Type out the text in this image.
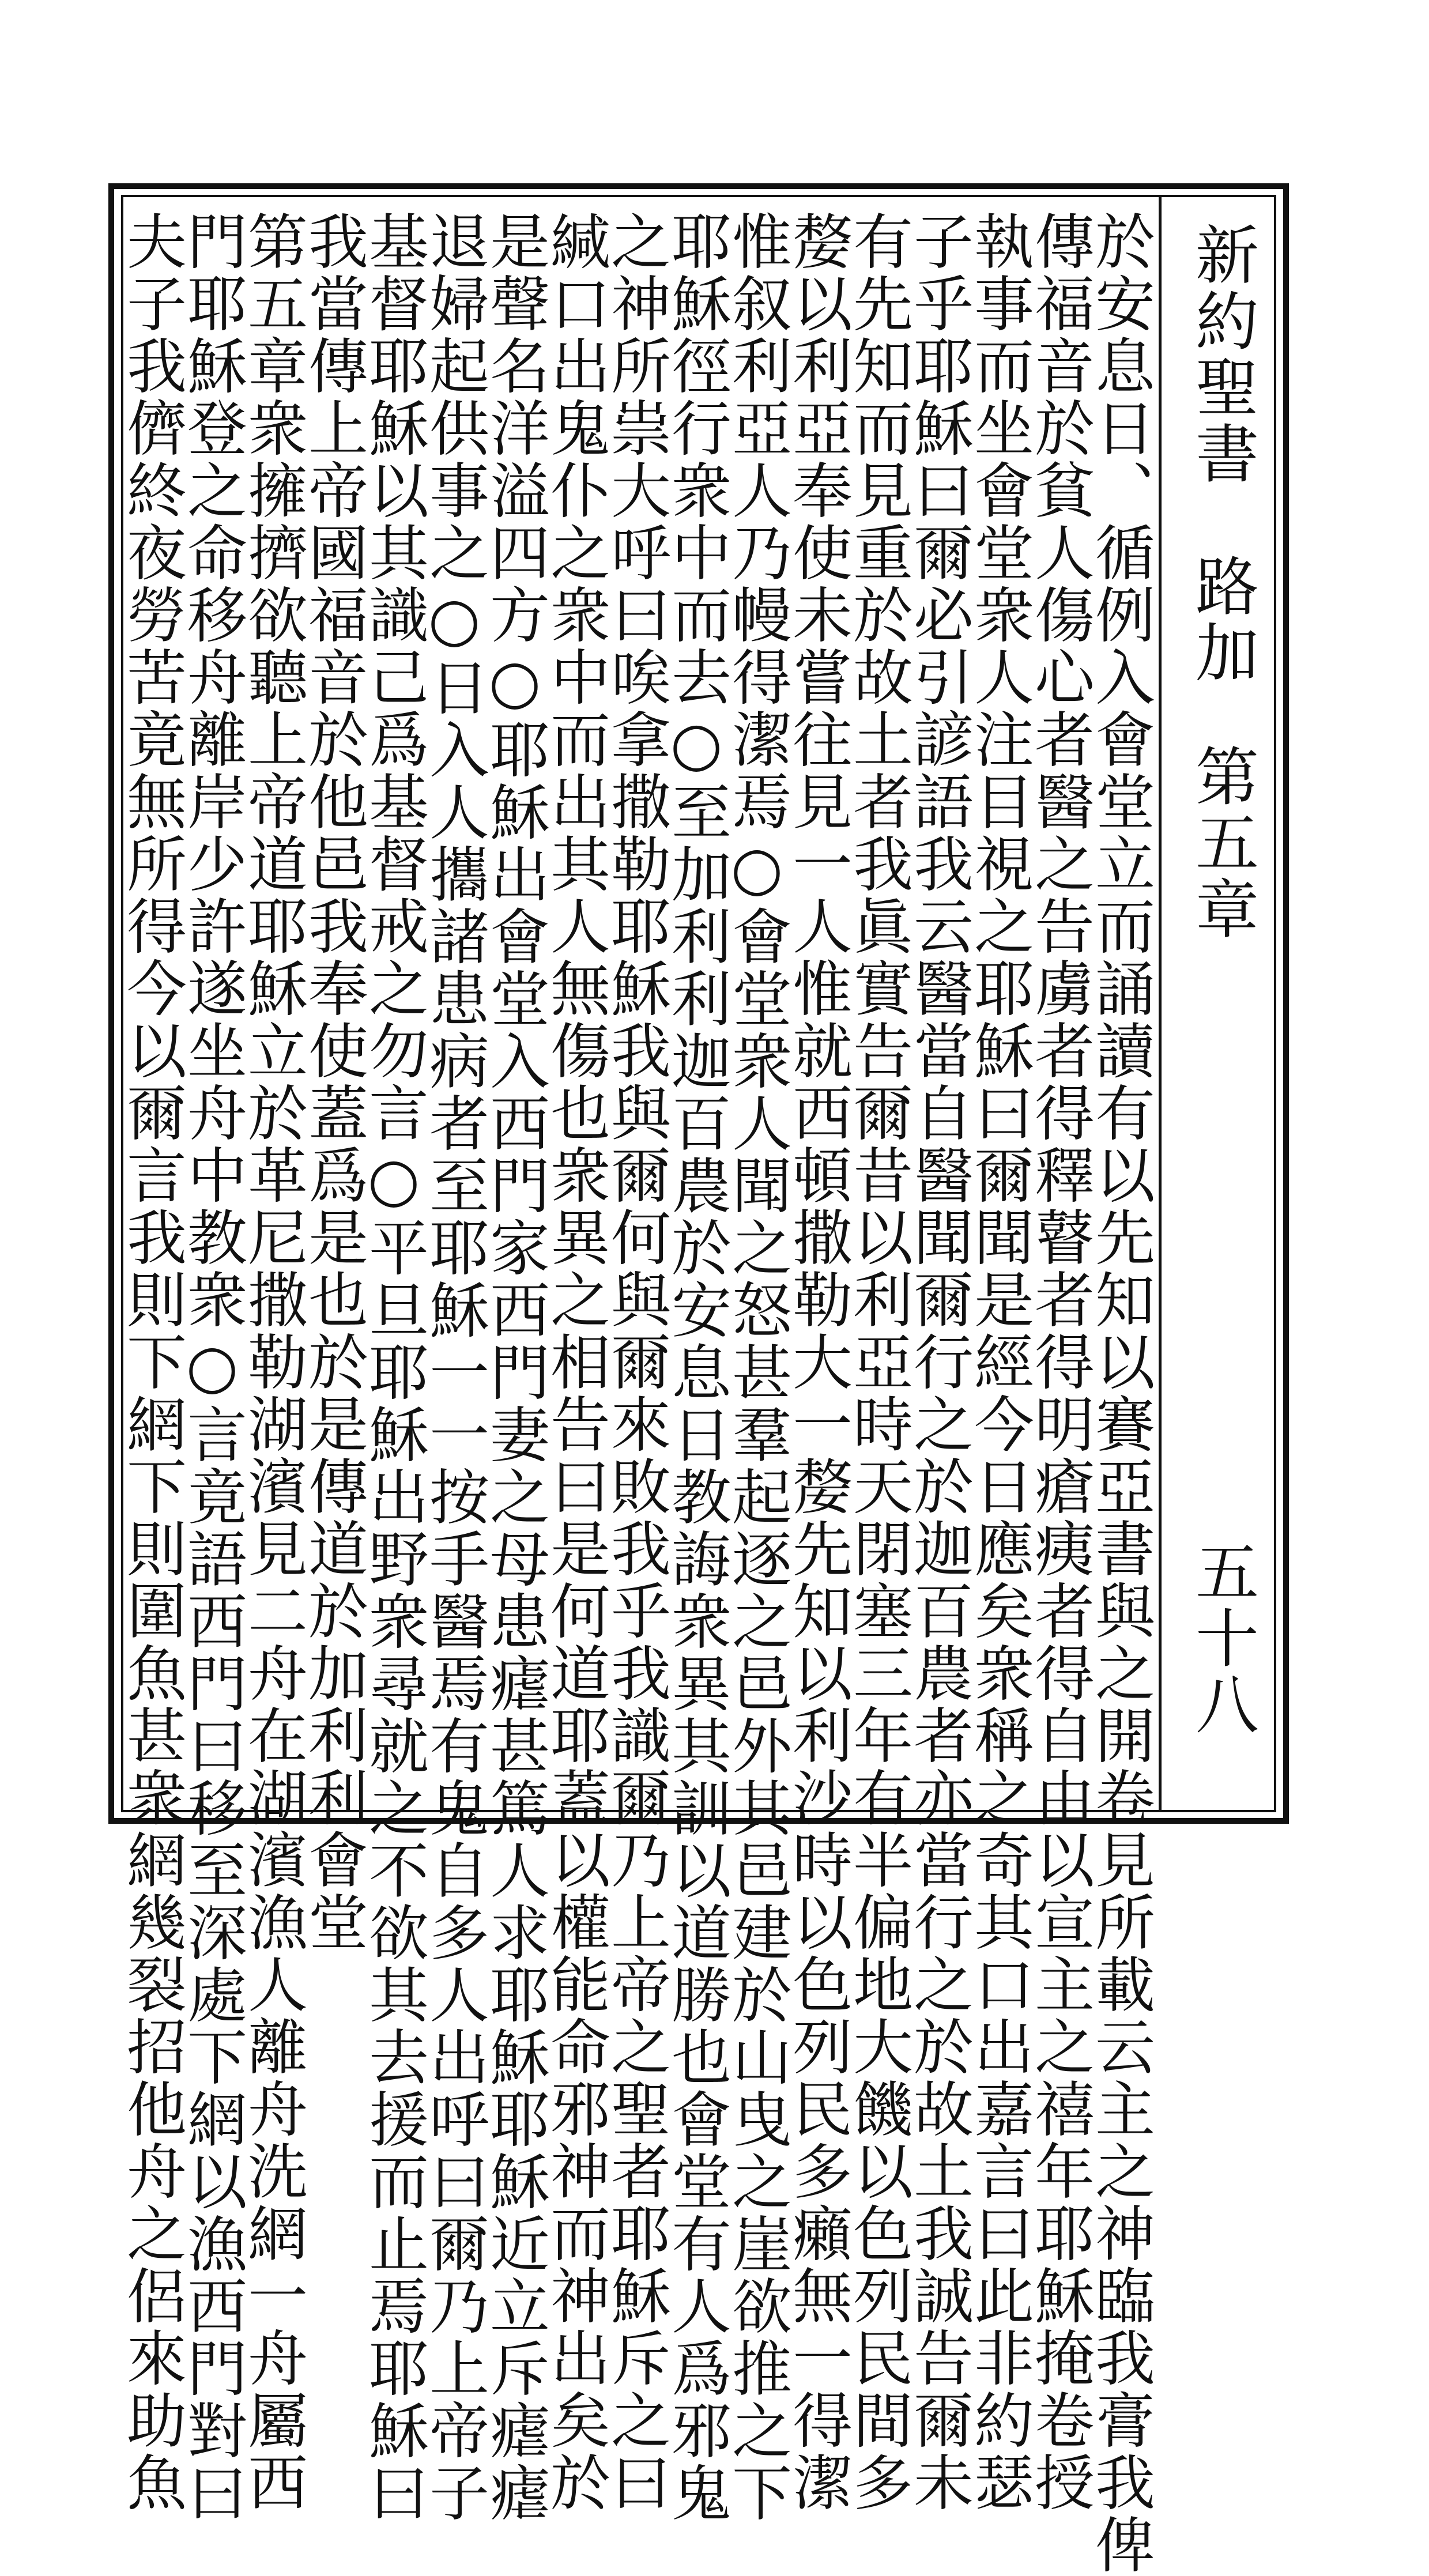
新約聖書　路加
第五章
五十八
於安息日、循例入會堂立而誦讀有以先知以賽亞書與之開卷見所載云主之神臨我膏我俾
傳福音於貧人傷心者醫之告虜者得釋瞽者得明瘡痍者得自由以宣主之禧年耶穌掩卷授
執事而坐會堂衆人注目視之耶穌曰爾聞是經今日應矣衆稱之奇其口出嘉言曰此非約瑟
子乎耶穌曰爾必引諺語我云醫當自醫聞爾行之於迦百農者亦當行之於故土我誠告爾未
有先知而見重於故土者我眞實告爾昔以利亞時天閉塞三年有半偏地大饑以色列民間多
嫠以利亞奉使未嘗往見一人惟就西頓撒勒大一嫠先知以利沙時以色列民多癩無一得潔
惟叙利亞人乃幔得潔焉○會堂衆人聞之怒甚羣起逐之邑外其邑建於山曳之崖欲推之下
耶穌徑行衆中而去○至加利利迦百農於安息日教誨衆異其訓以道勝也會堂有人爲邪鬼
之神所祟大呼曰唉拿撒勒耶穌我與爾何與爾來敗我乎我識爾乃上帝之聖者耶穌斥之曰
緘口出鬼仆之衆中而出其人無傷也衆異之相告曰是何道耶蓋以權能命邪神而神出矣於
是聲名洋溢四方○耶穌出會堂入西門家西門妻之母患瘧甚篤人求耶穌耶穌近立斥瘧瘧
退婦起供事之○日入人攜諸患病者至耶穌一一按手醫焉有鬼自多人出呼曰爾乃上帝子
基督耶穌以其識己爲基督戒之勿言○平旦耶穌出野衆尋就之不欲其去援而止焉耶穌曰
我當傳上帝國福音於他邑我奉使蓋爲是也於是傳道於加利利會堂
第五章衆擁擠欲聽上帝道耶穌立於革尼撒勒湖濱見二舟在湖濱漁人離舟洗網一舟屬西
門耶穌登之命移舟離岸少許遂坐舟中教衆○言竟語西門曰移至深處下網以漁西門對曰
夫子我儕終夜勞苦竟無所得今以爾言我則下網下則圍魚甚衆網幾裂招他舟之侶來助魚
